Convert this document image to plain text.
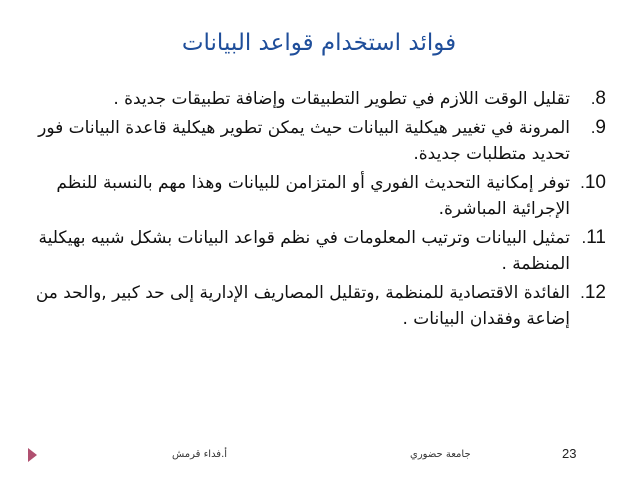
فوائد استخدام قواعد البيانات
8.
تقليل الوقت اللازم في تطوير التطبيقات وإضافة تطبيقات جديدة .
9.
المرونة في تغيير هيكلية البيانات حيث يمكن تطوير هيكلية قاعدة البيانات فور تحديد متطلبات جديدة.
10.
توفر إمكانية التحديث الفوري أو المتزامن للبيانات وهذا مهم بالنسبة للنظم الإجرائية المباشرة.
11.
تمثيل البيانات وترتيب المعلومات في نظم قواعد البيانات بشكل شبيه بهيكلية المنظمة .
12.
الفائدة الاقتصادية للمنظمة ,وتقليل المصاريف الإدارية إلى حد كبير ,والحد من إضاعة وفقدان البيانات .
أ.فداء قرمش	جامعة حضوري	23
